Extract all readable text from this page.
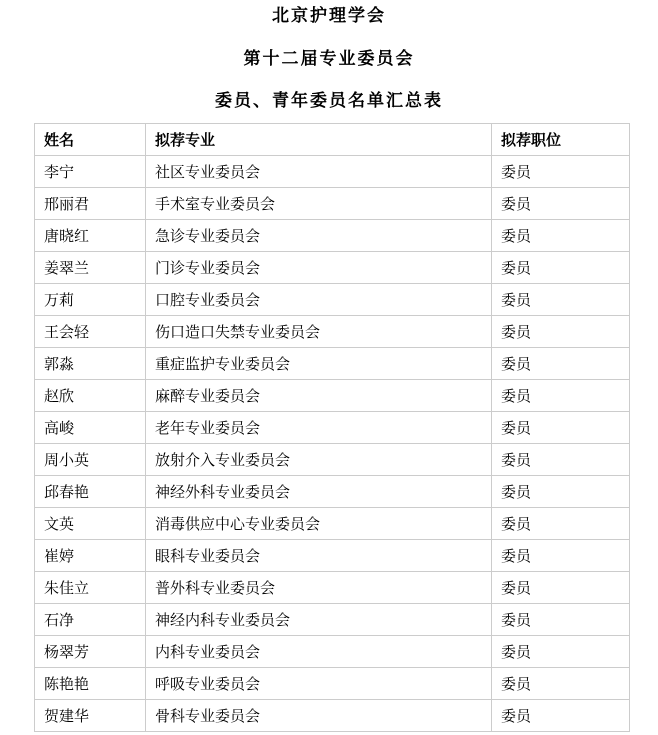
北京护理学会
第十二届专业委员会
委员、青年委员名单汇总表
姓名	拟荐专业	拟荐职位
李宁	社区专业委员会	委员
邢丽君	手术室专业委员会	委员
唐晓红	急诊专业委员会	委员
姜翠兰	门诊专业委员会	委员
万莉	口腔专业委员会	委员
王会轻	伤口造口失禁专业委员会	委员
郭淼	重症监护专业委员会	委员
赵欣	麻醉专业委员会	委员
高峻	老年专业委员会	委员
周小英	放射介入专业委员会	委员
邱春艳	神经外科专业委员会	委员
文英	消毒供应中心专业委员会	委员
崔婷	眼科专业委员会	委员
朱佳立	普外科专业委员会	委员
石净	神经内科专业委员会	委员
杨翠芳	内科专业委员会	委员
陈艳艳	呼吸专业委员会	委员
贺建华	骨科专业委员会	委员
